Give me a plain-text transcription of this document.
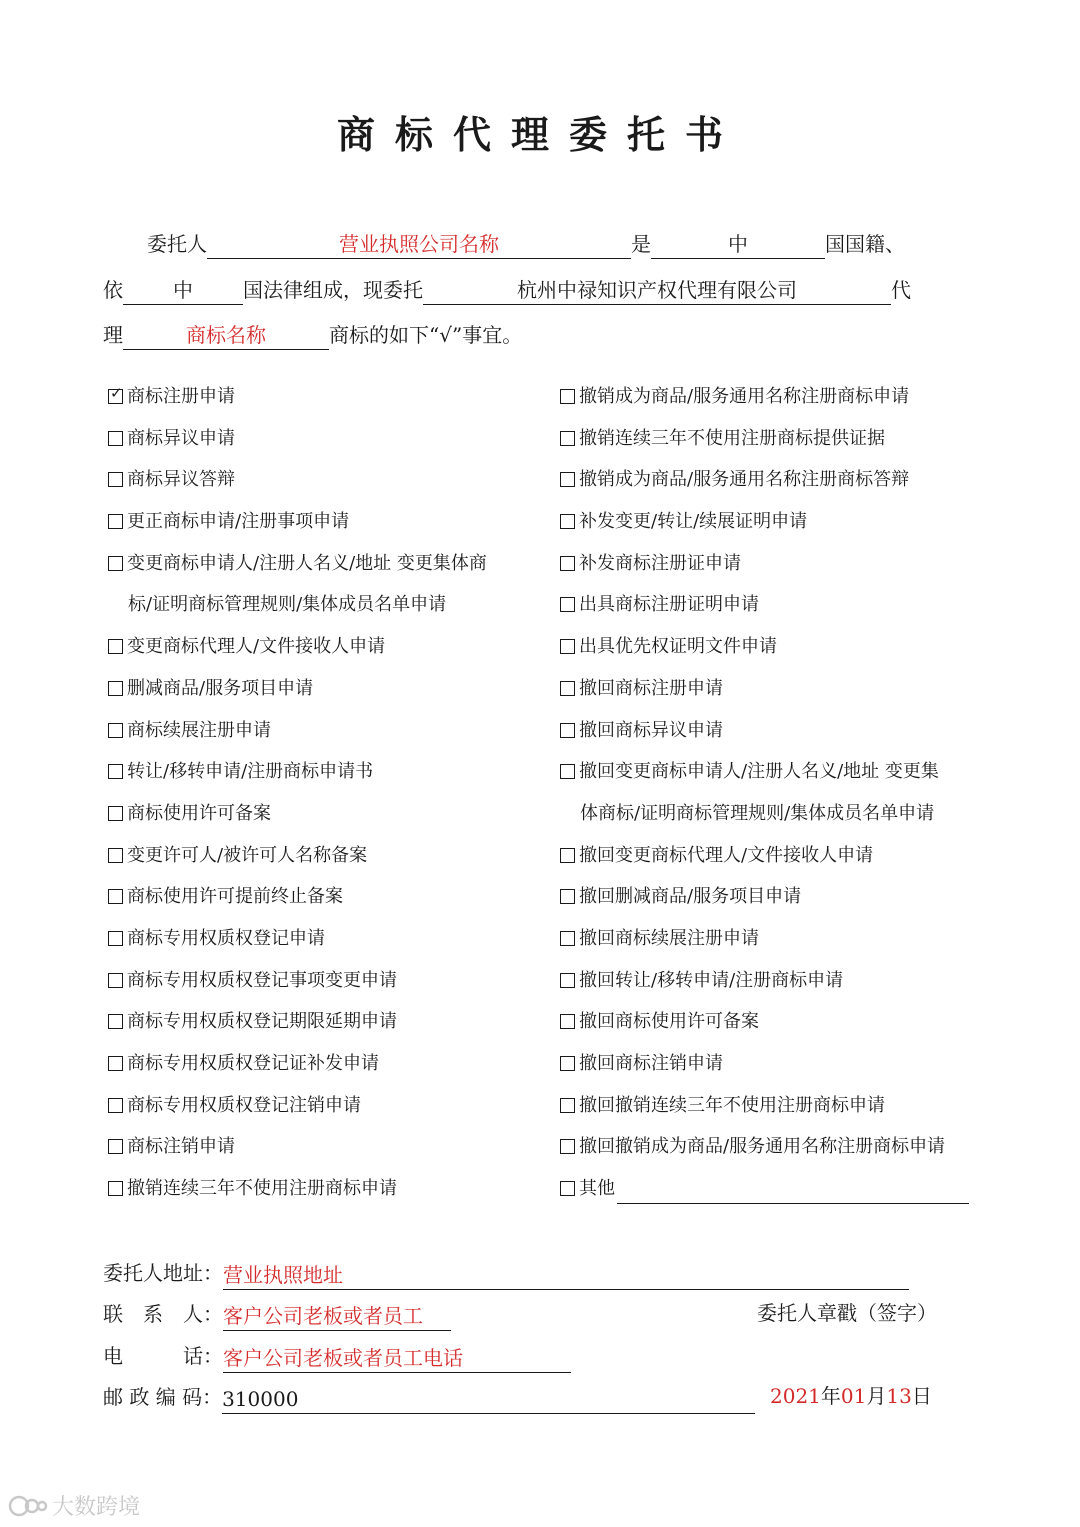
商标代理委托书
委托人	营业执照公司名称	是	中	国国籍、
依	中	国法律组成，现委托	杭州中禄知识产权代理有限公司	代
理	商标名称	商标的如下“√”事宜。
✓
商标注册申请
商标异议申请
商标异议答辩
更正商标申请/注册事项申请
变更商标申请人/注册人名义/地址 变更集体商
标/证明商标管理规则/集体成员名单申请
变更商标代理人/文件接收人申请
删减商品/服务项目申请
商标续展注册申请
转让/移转申请/注册商标申请书
商标使用许可备案
变更许可人/被许可人名称备案
商标使用许可提前终止备案
商标专用权质权登记申请
商标专用权质权登记事项变更申请
商标专用权质权登记期限延期申请
商标专用权质权登记证补发申请
商标专用权质权登记注销申请
商标注销申请
撤销连续三年不使用注册商标申请
撤销成为商品/服务通用名称注册商标申请
撤销连续三年不使用注册商标提供证据
撤销成为商品/服务通用名称注册商标答辩
补发变更/转让/续展证明申请
补发商标注册证申请
出具商标注册证明申请
出具优先权证明文件申请
撤回商标注册申请
撤回商标异议申请
撤回变更商标申请人/注册人名义/地址 变更集
体商标/证明商标管理规则/集体成员名单申请
撤回变更商标代理人/文件接收人申请
撤回删减商品/服务项目申请
撤回商标续展注册申请
撤回转让/移转申请/注册商标申请
撤回商标使用许可备案
撤回商标注销申请
撤回撤销连续三年不使用注册商标申请
撤回撤销成为商品/服务通用名称注册商标申请
其他
委托人地址：营业执照地址
联　系　人：客户公司老板或者员工	委托人章戳（签字）
电　　　话：客户公司老板或者员工电话
邮 政 编 码：310000	2021年01月13日
大数跨境
